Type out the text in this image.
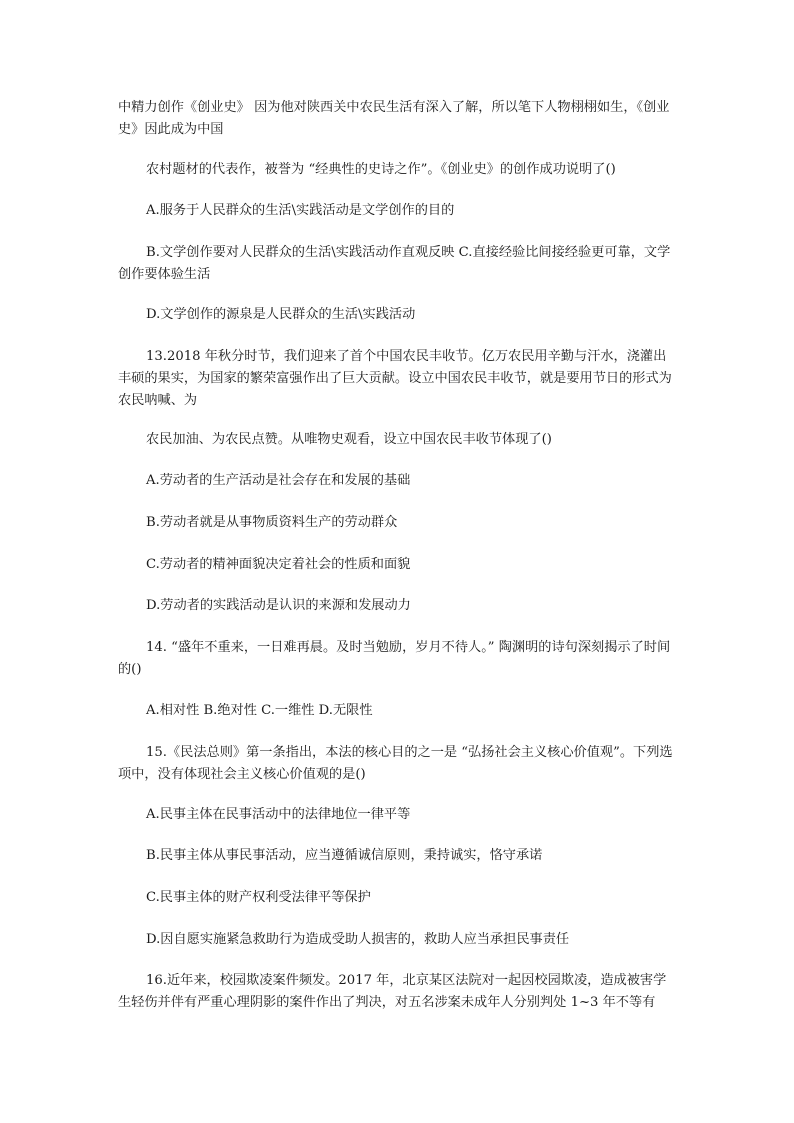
中精力创作《创业史》 因为他对陕西关中农民生活有深入了解，所以笔下人物栩栩如生，《创业史》因此成为中国

农村题材的代表作，被誉为 “经典性的史诗之作”。《创业史》的创作成功说明了()

A.服务于人民群众的生活\实践活动是文学创作的目的

B.文学创作要对人民群众的生活\实践活动作直观反映 C.直接经验比间接经验更可靠，文学创作要体验生活

D.文学创作的源泉是人民群众的生活\实践活动

13.2018 年秋分时节，我们迎来了首个中国农民丰收节。亿万农民用辛勤与汗水，浇灌出丰硕的果实，为国家的繁荣富强作出了巨大贡献。设立中国农民丰收节，就是要用节日的形式为农民呐喊、为

农民加油、为农民点赞。从唯物史观看，设立中国农民丰收节体现了()

A.劳动者的生产活动是社会存在和发展的基础

B.劳动者就是从事物质资料生产的劳动群众

C.劳动者的精神面貌决定着社会的性质和面貌

D.劳动者的实践活动是认识的来源和发展动力

14. “盛年不重来，一日难再晨。及时当勉励，岁月不待人。” 陶渊明的诗句深刻揭示了时间的()

A.相对性 B.绝对性 C.一维性 D.无限性

15.《民法总则》第一条指出，本法的核心目的之一是 “弘扬社会主义核心价值观”。下列选项中，没有体现社会主义核心价值观的是()

A.民事主体在民事活动中的法律地位一律平等

B.民事主体从事民事活动，应当遵循诚信原则，秉持诚实，恪守承诺

C.民事主体的财产权利受法律平等保护

D.因自愿实施紧急救助行为造成受助人损害的，救助人应当承担民事责任

16.近年来，校园欺凌案件频发。2017 年，北京某区法院对一起因校园欺凌，造成被害学生轻伤并伴有严重心理阴影的案件作出了判决，对五名涉案未成年人分别判处 1~3 年不等有
